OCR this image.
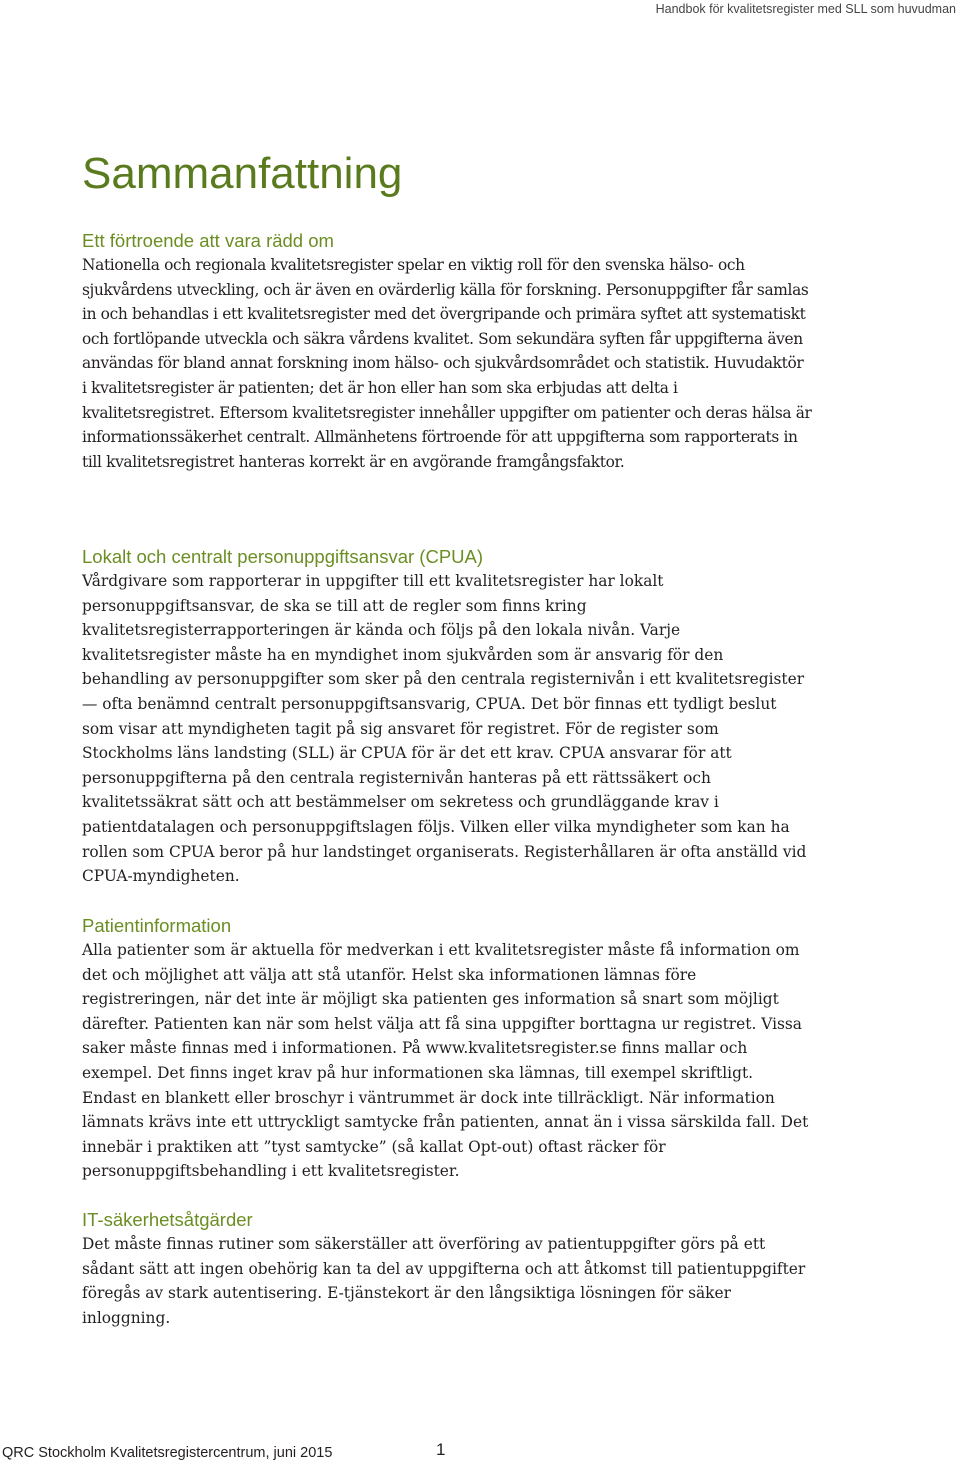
Handbok för kvalitetsregister med SLL som huvudman
Sammanfattning
Ett förtroende att vara rädd om

Nationella och regionala kvalitetsregister spelar en viktig roll för den svenska hälso- och sjukvårdens utveckling, och är även en ovärderlig källa för forskning. Personuppgifter får samlas in och behandlas i ett kvalitetsregister med det övergripande och primära syftet att systematiskt och fortlöpande utveckla och säkra vårdens kvalitet. Som sekundära syften får uppgifterna även användas för bland annat forskning inom hälso- och sjukvårdsområdet och statistik. Huvudaktör i kvalitetsregister är patienten; det är hon eller han som ska erbjudas att delta i kvalitetsregistret. Eftersom kvalitetsregister innehåller uppgifter om patienter och deras hälsa är informationssäkerhet centralt. Allmänhetens förtroende för att uppgifterna som rapporterats in till kvalitetsregistret hanteras korrekt är en avgörande framgångsfaktor.

Lokalt och centralt personuppgiftsansvar (CPUA)

Vårdgivare som rapporterar in uppgifter till ett kvalitetsregister har lokalt personuppgiftsansvar, de ska se till att de regler som finns kring kvalitetsregisterrapporteringen är kända och följs på den lokala nivån. Varje kvalitetsregister måste ha en myndighet inom sjukvården som är ansvarig för den behandling av personuppgifter som sker på den centrala registernivån i ett kvalitetsregister — ofta benämnd centralt personuppgiftsansvarig, CPUA. Det bör finnas ett tydligt beslut som visar att myndigheten tagit på sig ansvaret för registret. För de register som Stockholms läns landsting (SLL) är CPUA för är det ett krav. CPUA ansvarar för att personuppgifterna på den centrala registernivån hanteras på ett rättssäkert och kvalitetssäkrat sätt och att bestämmelser om sekretess och grundläggande krav i patientdatalagen och personuppgiftslagen följs. Vilken eller vilka myndigheter som kan ha rollen som CPUA beror på hur landstinget organiserats. Registerhållaren är ofta anställd vid CPUA-myndigheten.

Patientinformation

Alla patienter som är aktuella för medverkan i ett kvalitetsregister måste få information om det och möjlighet att välja att stå utanför. Helst ska informationen lämnas före registreringen, när det inte är möjligt ska patienten ges information så snart som möjligt därefter. Patienten kan när som helst välja att få sina uppgifter borttagna ur registret. Vissa saker måste finnas med i informationen. På www.kvalitetsregister.se finns mallar och exempel. Det finns inget krav på hur informationen ska lämnas, till exempel skriftligt. Endast en blankett eller broschyr i väntrummet är dock inte tillräckligt. När information lämnats krävs inte ett uttryckligt samtycke från patienten, annat än i vissa särskilda fall. Det innebär i praktiken att ”tyst samtycke” (så kallat Opt-out) oftast räcker för personuppgiftsbehandling i ett kvalitetsregister.

IT-säkerhetsåtgärder

Det måste finnas rutiner som säkerställer att överföring av patientuppgifter görs på ett sådant sätt att ingen obehörig kan ta del av uppgifterna och att åtkomst till patientuppgifter föregås av stark autentisering. E-tjänstekort är den långsiktiga lösningen för säker inloggning.

QRC Stockholm Kvalitetsregistercentrum, juni 2015	1
